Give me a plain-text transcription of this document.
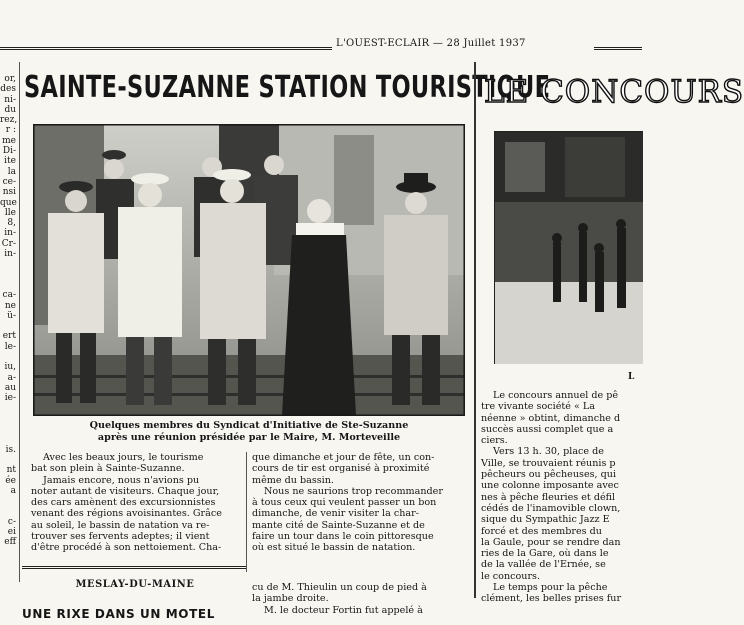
L'OUEST-ECLAIR — 28 Juillet 1937
or,
des
ni-
du
rez,
r :
me
Di-
ite
la
ce-
nsi
que
lle
8,
in-
Cr-
in-
ca-
ne
ü-
ert
le-
iu,
a-
au
ie-
is.
nt
ée
a
c-
ei
eff
SAINTE-SUZANNE STATION TOURISTIQUE
Quelques membres du Syndicat d'Initiative de Ste-Suzanne
après une réunion présidée par le Maire, M. Morteveille
Avec les beaux jours, le tourisme
bat son plein à Sainte-Suzanne.
Jamais encore, nous n'avions pu
noter autant de visiteurs. Chaque jour,
des cars amènent des excursionnistes
venant des régions avoisinantes. Grâce
au soleil, le bassin de natation va re-
trouver ses fervents adeptes; il vient
d'être procédé à son nettoiement. Cha-
que dimanche et jour de fête, un con-
cours de tir est organisé à proximité
même du bassin.
Nous ne saurions trop recommander
à tous ceux qui veulent passer un bon
dimanche, de venir visiter la char-
mante cité de Sainte-Suzanne et de
faire un tour dans le coin pittoresque
où est situé le bassin de natation.
LE CONCOURS
L
Le concours annuel de pê
tre vivante société « La
néenne » obtint, dimanche d
succès aussi complet que a
ciers.
Vers 13 h. 30, place de
Ville, se trouvaient réunis p
pêcheurs ou pêcheuses, qui
une colonne imposante avec
nes à pêche fleuries et défil
cédés de l'inamovible clown,
sique du Sympathic Jazz E
forcé et des membres du
la Gaule, pour se rendre dan
ries de la Gare, où dans le
de la vallée de l'Ernée, se
le concours.
Le temps pour la pêche
clément, les belles prises fur
MESLAY-DU-MAINE
UNE RIXE DANS UN MOTEL
cu de M. Thieulin un coup de pied à
la jambe droite.
M. le docteur Fortin fut appelé à
